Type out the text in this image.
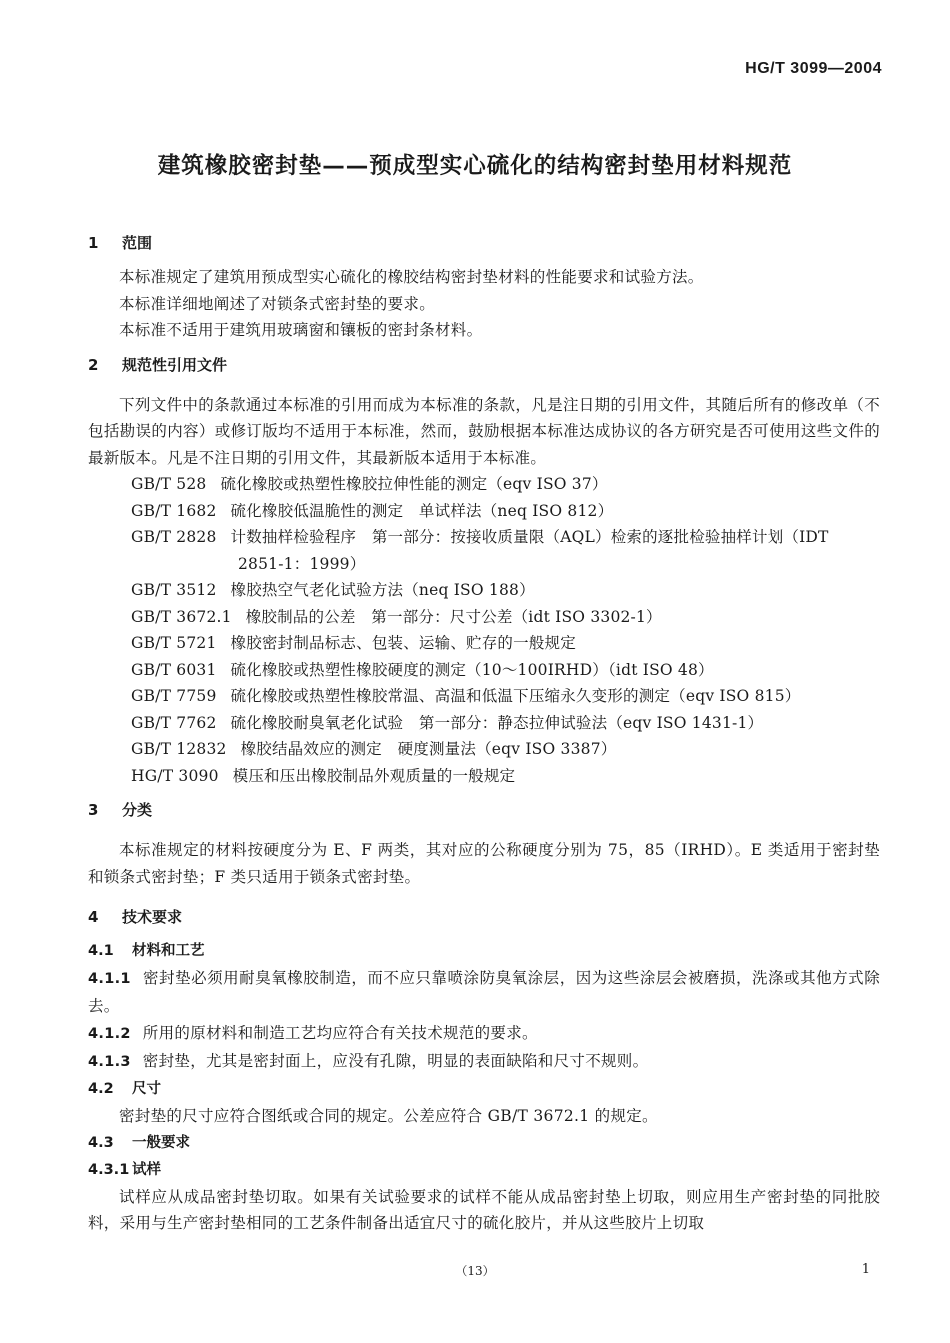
HG/T 3099—2004
建筑橡胶密封垫——预成型实心硫化的结构密封垫用材料规范
1 范围

本标准规定了建筑用预成型实心硫化的橡胶结构密封垫材料的性能要求和试验方法。

本标准详细地阐述了对锁条式密封垫的要求。

本标准不适用于建筑用玻璃窗和镶板的密封条材料。

2 规范性引用文件

下列文件中的条款通过本标准的引用而成为本标准的条款，凡是注日期的引用文件，其随后所有的修改单（不包括勘误的内容）或修订版均不适用于本标准，然而，鼓励根据本标准达成协议的各方研究是否可使用这些文件的最新版本。凡是不注日期的引用文件，其最新版本适用于本标准。

GB/T 528 硫化橡胶或热塑性橡胶拉伸性能的测定（eqv ISO 37）

GB/T 1682 硫化橡胶低温脆性的测定　单试样法（neq ISO 812）

GB/T 2828 计数抽样检验程序　第一部分：按接收质量限（AQL）检索的逐批检验抽样计划（IDT

2851-1：1999）

GB/T 3512 橡胶热空气老化试验方法（neq ISO 188）

GB/T 3672.1 橡胶制品的公差　第一部分：尺寸公差（idt ISO 3302-1）

GB/T 5721 橡胶密封制品标志、包装、运输、贮存的一般规定

GB/T 6031 硫化橡胶或热塑性橡胶硬度的测定（10～100IRHD）（idt ISO 48）

GB/T 7759 硫化橡胶或热塑性橡胶常温、高温和低温下压缩永久变形的测定（eqv ISO 815）

GB/T 7762 硫化橡胶耐臭氧老化试验　第一部分：静态拉伸试验法（eqv ISO 1431-1）

GB/T 12832 橡胶结晶效应的测定　硬度测量法（eqv ISO 3387）

HG/T 3090 模压和压出橡胶制品外观质量的一般规定

3 分类

本标准规定的材料按硬度分为 E、F 两类，其对应的公称硬度分别为 75，85（IRHD）。E 类适用于密封垫和锁条式密封垫；F 类只适用于锁条式密封垫。

4 技术要求
4.1 材料和工艺

4.1.1 密封垫必须用耐臭氧橡胶制造，而不应只靠喷涂防臭氧涂层，因为这些涂层会被磨损，洗涤或其他方式除去。

4.1.2 所用的原材料和制造工艺均应符合有关技术规范的要求。

4.1.3 密封垫，尤其是密封面上，应没有孔隙，明显的表面缺陷和尺寸不规则。

4.2 尺寸

密封垫的尺寸应符合图纸或合同的规定。公差应符合 GB/T 3672.1 的规定。

4.3 一般要求
4.3.1 试样

试样应从成品密封垫切取。如果有关试验要求的试样不能从成品密封垫上切取，则应用生产密封垫的同批胶料，采用与生产密封垫相同的工艺条件制备出适宜尺寸的硫化胶片，并从这些胶片上切取

（13）	1
